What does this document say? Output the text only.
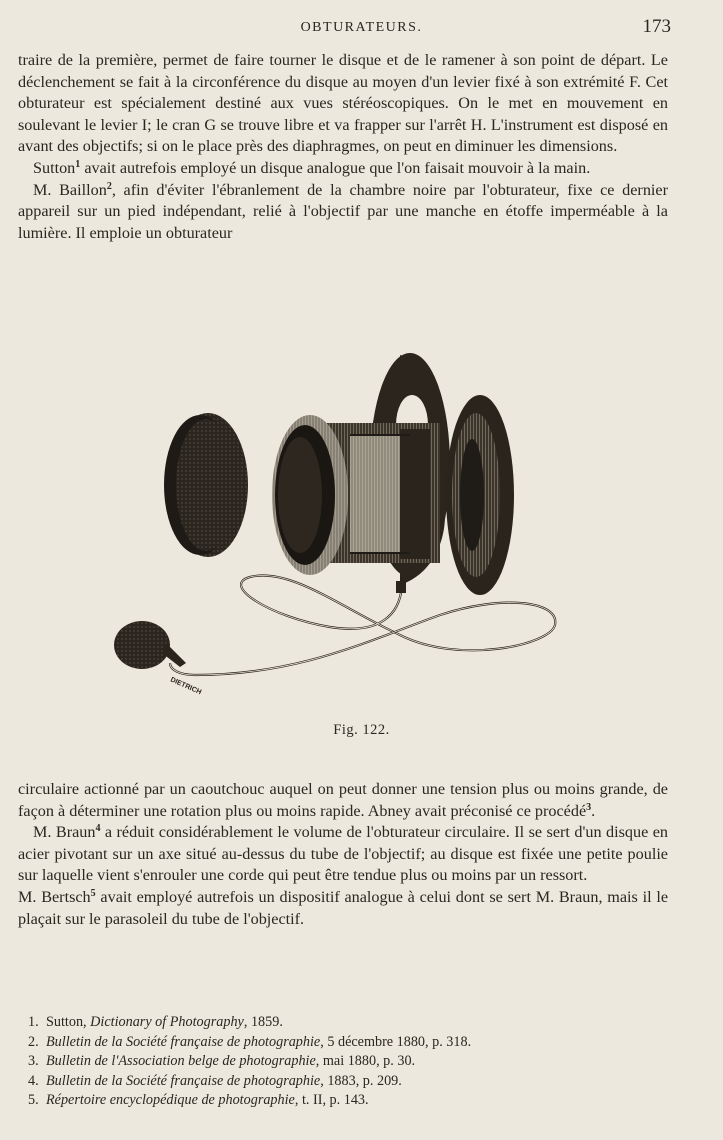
OBTURATEURS.	173

traire de la première, permet de faire tourner le disque et de le ramener à son point de départ. Le déclenchement se fait à la circonférence du disque au moyen d'un levier fixé à son extrémité F. Cet obturateur est spécialement destiné aux vues stéréoscopiques. On le met en mouvement en soulevant le levier I; le cran G se trouve libre et va frapper sur l'arrêt H. L'instrument est disposé en avant des objectifs; si on le place près des diaphragmes, on peut en diminuer les dimensions.

Sutton$^1$ avait autrefois employé un disque analogue que l'on faisait mouvoir à la main.

M. Baillon$^2$, afin d'éviter l'ébranlement de la chambre noire par l'obturateur, fixe ce dernier appareil sur un pied indépendant, relié à l'objectif par une manche en étoffe imperméable à la lumière. Il emploie un obturateur

DIETRICH
Fig. 122.

circulaire actionné par un caoutchouc auquel on peut donner une tension plus ou moins grande, de façon à déterminer une rotation plus ou moins rapide. Abney avait préconisé ce procédé$^3$.

M. Braun$^4$ a réduit considérablement le volume de l'obturateur circulaire. Il se sert d'un disque en acier pivotant sur un axe situé au-dessus du tube de l'objectif; au disque est fixée une petite poulie sur laquelle vient s'enrouler une corde qui peut être tendue plus ou moins par un ressort.

M. Bertsch$^5$ avait employé autrefois un dispositif analogue à celui dont se sert M. Braun, mais il le plaçait sur le parasoleil du tube de l'objectif.

1. Sutton, Dictionary of Photography, 1859.
2. Bulletin de la Société française de photographie, 5 décembre 1880, p. 318.
3. Bulletin de l'Association belge de photographie, mai 1880, p. 30.
4. Bulletin de la Société française de photographie, 1883, p. 209.
5. Répertoire encyclopédique de photographie, t. II, p. 143.
